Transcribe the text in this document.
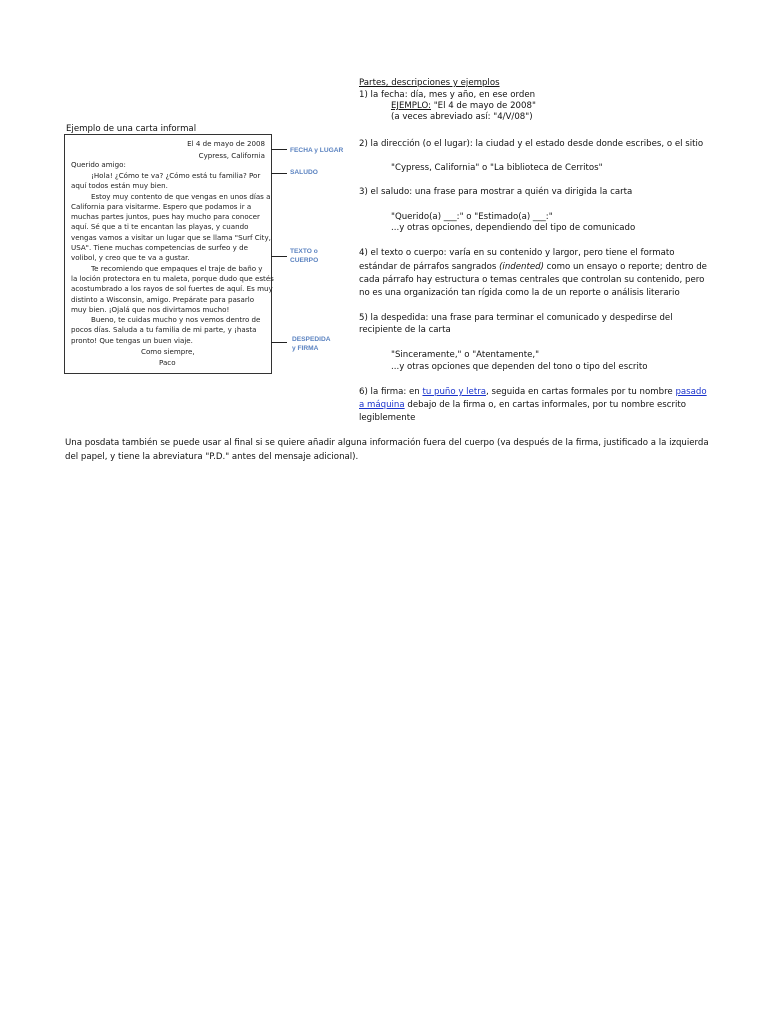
Ejemplo de una carta informal
El 4 de mayo de 2008
Cypress, California
Querido amigo:
¡Hola! ¿Cómo te va? ¿Cómo está tu familia? Por
aquí todos están muy bien.
Estoy muy contento de que vengas en unos días a
California para visitarme. Espero que podamos ir a
muchas partes juntos, pues hay mucho para conocer
aquí. Sé que a ti te encantan las playas, y cuando
vengas vamos a visitar un lugar que se llama "Surf City,
USA". Tiene muchas competencias de surfeo y de
volibol, y creo que te va a gustar.
Te recomiendo que empaques el traje de baño y
la loción protectora en tu maleta, porque dudo que estés
acostumbrado a los rayos de sol fuertes de aquí. Es muy
distinto a Wisconsin, amigo. Prepárate para pasarlo
muy bien. ¡Ojalá que nos divirtamos mucho!
Bueno, te cuidas mucho y nos vemos dentro de
pocos días. Saluda a tu familia de mi parte, y ¡hasta
pronto! Que tengas un buen viaje.
Como siempre,
Paco
FECHA y LUGAR
SALUDO
TEXTO o
CUERPO
DESPEDIDA
y FIRMA
Partes, descripciones y ejemplos
1) la fecha: día, mes y año, en ese orden
EJEMPLO: "El 4 de mayo de 2008"
(a veces abreviado así: "4/V/08")
2) la dirección (o el lugar): la ciudad y el estado desde donde escribes, o el sitio
"Cypress, California" o "La biblioteca de Cerritos"
3) el saludo: una frase para mostrar a quién va dirigida la carta
"Querido(a) ___:" o "Estimado(a) ___:"
...y otras opciones, dependiendo del tipo de comunicado
4) el texto o cuerpo: varía en su contenido y largor, pero tiene el formato
estándar de párrafos sangrados (indented) como un ensayo o reporte; dentro de
cada párrafo hay estructura o temas centrales que controlan su contenido, pero
no es una organización tan rígida como la de un reporte o análisis literario
5) la despedida: una frase para terminar el comunicado y despedirse del
recipiente de la carta
"Sinceramente," o "Atentamente,"
...y otras opciones que dependen del tono o tipo del escrito
6) la firma: en tu puño y letra, seguida en cartas formales por tu nombre pasado
a máquina debajo de la firma o, en cartas informales, por tu nombre escrito
legiblemente
Una posdata también se puede usar al final si se quiere añadir alguna información fuera del cuerpo (va después de la firma, justificado a la izquierda
del papel, y tiene la abreviatura "P.D." antes del mensaje adicional).
